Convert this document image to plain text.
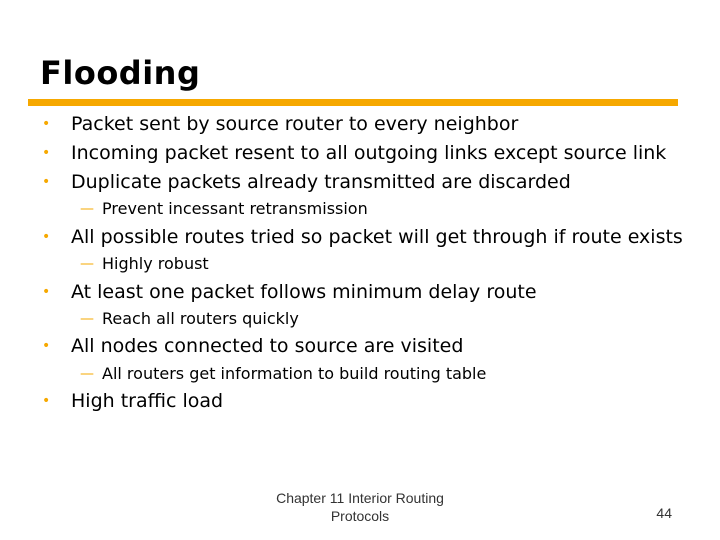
Flooding
• Packet sent by source router to every neighbor
• Incoming packet resent to all outgoing links except source link
• Duplicate packets already transmitted are discarded
— Prevent incessant retransmission
• All possible routes tried so packet will get through if route exists
— Highly robust
• At least one packet follows minimum delay route
— Reach all routers quickly
• All nodes connected to source are visited
— All routers get information to build routing table
• High traffic load
Chapter 11 Interior Routing
Protocols	44
